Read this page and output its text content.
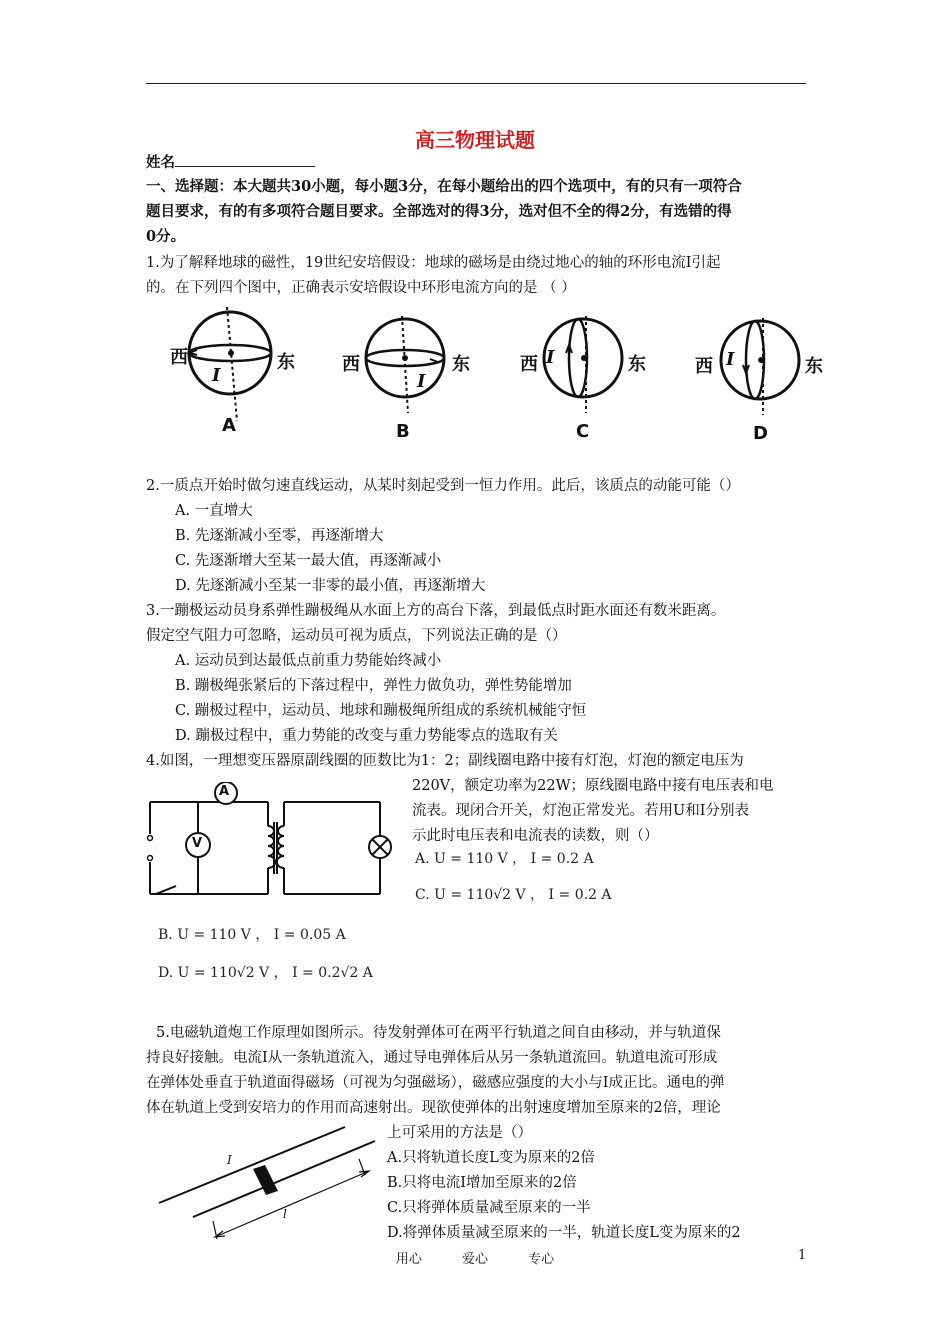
高三物理试题
姓名
一、选择题：本大题共30小题，每小题3分，在每小题给出的四个选项中，有的只有一项符合
题目要求，有的有多项符合题目要求。全部选对的得3分，选对但不全的得2分，有选错的得
0分。
1.为了解释地球的磁性，19世纪安培假设：地球的磁场是由绕过地心的轴的环形电流I引起
的。在下列四个图中，正确表示安培假设中环形电流方向的是 （ ）
西	东
I
A
西	东
I
B
西	东
I
C
西	东
I
D
2.一质点开始时做匀速直线运动，从某时刻起受到一恒力作用。此后，该质点的动能可能（）
A. 一直增大
B. 先逐渐减小至零，再逐渐增大
C. 先逐渐增大至某一最大值，再逐渐减小
D. 先逐渐减小至某一非零的最小值，再逐渐增大
3.一蹦极运动员身系弹性蹦极绳从水面上方的高台下落，到最低点时距水面还有数米距离。
假定空气阻力可忽略，运动员可视为质点，下列说法正确的是（）
A. 运动员到达最低点前重力势能始终减小
B. 蹦极绳张紧后的下落过程中，弹性力做负功，弹性势能增加
C. 蹦极过程中，运动员、地球和蹦极绳所组成的系统机械能守恒
D. 蹦极过程中，重力势能的改变与重力势能零点的选取有关
4.如图，一理想变压器原副线圈的匝数比为1：2；副线圈电路中接有灯泡，灯泡的额定电压为
220V，额定功率为22W；原线圈电路中接有电压表和电
流表。现闭合开关，灯泡正常发光。若用U和I分别表
示此时电压表和电流表的读数，则（）
A
V
A. U = 110 V ， I = 0.2 A
C. U = 110√2 V ， I = 0.2 A
B. U = 110 V ， I = 0.05 A
D. U = 110√2 V ， I = 0.2√2 A
5.电磁轨道炮工作原理如图所示。待发射弹体可在两平行轨道之间自由移动，并与轨道保
持良好接触。电流I从一条轨道流入，通过导电弹体后从另一条轨道流回。轨道电流可形成
在弹体处垂直于轨道面得磁场（可视为匀强磁场），磁感应强度的大小与I成正比。通电的弹
体在轨道上受到安培力的作用而高速射出。现欲使弹体的出射速度增加至原来的2倍，理论
上可采用的方法是（）
I
l
A.只将轨道长度L变为原来的2倍
B.只将电流I增加至原来的2倍
C.只将弹体质量减至原来的一半
D.将弹体质量减至原来的一半，轨道长度L变为原来的2
用心	爱心	专心	1
